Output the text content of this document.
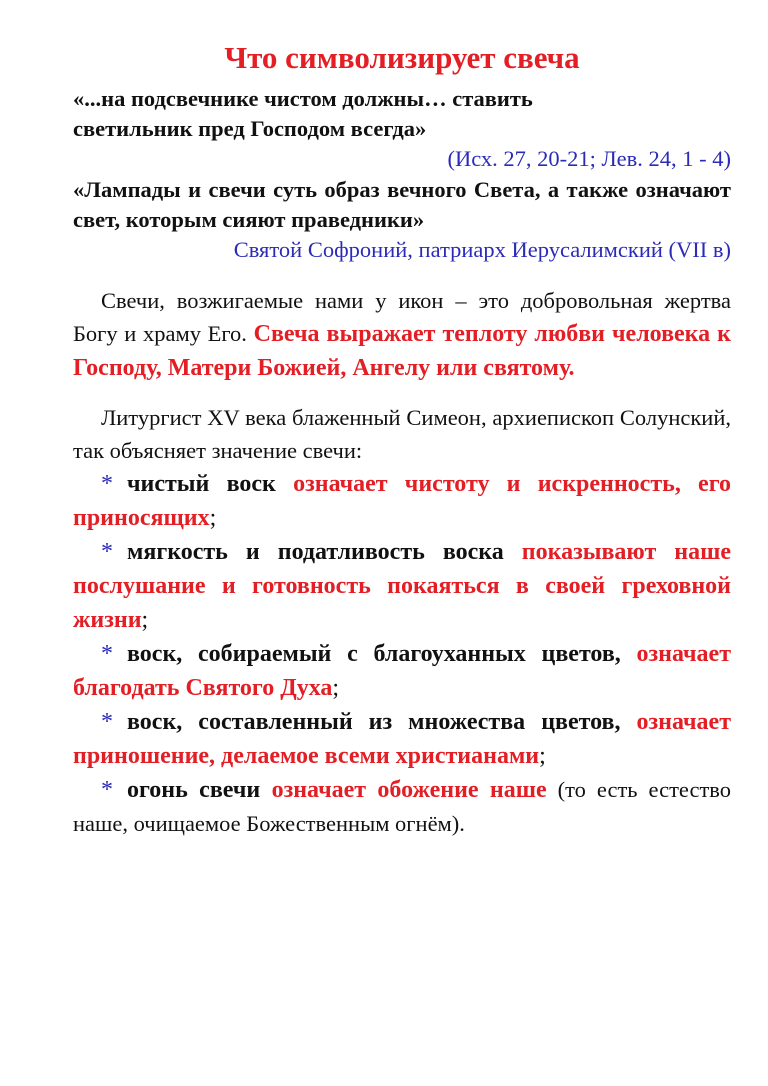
Что символизирует свеча

«...на подсвечнике чистом должны… ставить

светильник пред Господом всегда»

(Исх. 27, 20-21; Лев. 24, 1 - 4)

«Лампады и свечи суть образ вечного Света, а также означают свет, которым сияют праведники»

Святой Софроний, патриарх Иерусалимский (VII в)

Свечи, возжигаемые нами у икон – это добровольная жертва Богу и храму Его. Свеча выражает теплоту любви человека к Господу, Матери Божией, Ангелу или святому.

Литургист XV века блаженный Симеон, архиепископ Солунский, так объясняет значение свечи:

* чистый воск означает чистоту и искренность, его приносящих;

* мягкость и податливость воска показывают наше послушание и готовность покаяться в своей греховной жизни;

* воск, собираемый с благоуханных цветов, означает благодать Святого Духа;

* воск, составленный из множества цветов, означает приношение, делаемое всеми христианами;

* огонь свечи означает обожение наше (то есть естество наше, очищаемое Божественным огнём).
